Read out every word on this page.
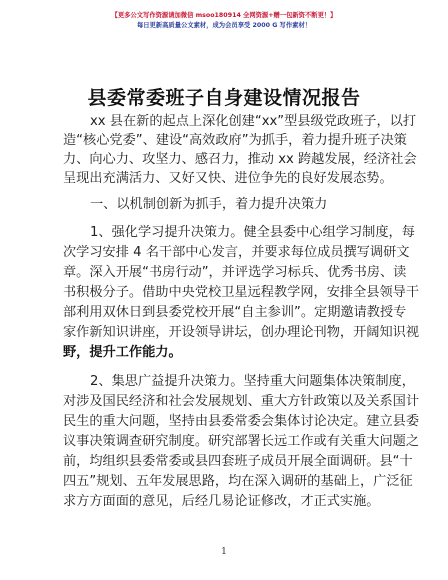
【更多公文写作资源请加微信 msoo180914 全网资源+赠一包新资不断更！】
每日更新高质量公文素材，成为会员享受 2000 G 写作素材！
县委常委班子自身建设情况报告
xx 县在新的起点上深化创建“xx”型县级党政班子，以打
造“核心党委”、建设“高效政府”为抓手，着力提升班子决策
力、向心力、攻坚力、感召力，推动 xx 跨越发展，经济社会
呈现出充满活力、又好又快、进位争先的良好发展态势。
一、以机制创新为抓手，着力提升决策力
1、强化学习提升决策力。健全县委中心组学习制度，每
次学习安排 4 名干部中心发言，并要求每位成员撰写调研文
章。深入开展“书房行动”，并评选学习标兵、优秀书房、读
书积极分子。借助中央党校卫星远程教学网，安排全县领导干
部利用双休日到县委党校开展“自主参训”。定期邀请教授专
家作新知识讲座，开设领导讲坛，创办理论刊物，开阔知识视
野，提升工作能力。
2、集思广益提升决策力。坚持重大问题集体决策制度，
对涉及国民经济和社会发展规划、重大方针政策以及关系国计
民生的重大问题，坚持由县委常委会集体讨论决定。建立县委
议事决策调查研究制度。研究部署长远工作或有关重大问题之
前，均组织县委常委或县四套班子成员开展全面调研。县“十
四五”规划、五年发展思路，均在深入调研的基础上，广泛征
求方方面面的意见，后经几易论证修改，才正式实施。
1
